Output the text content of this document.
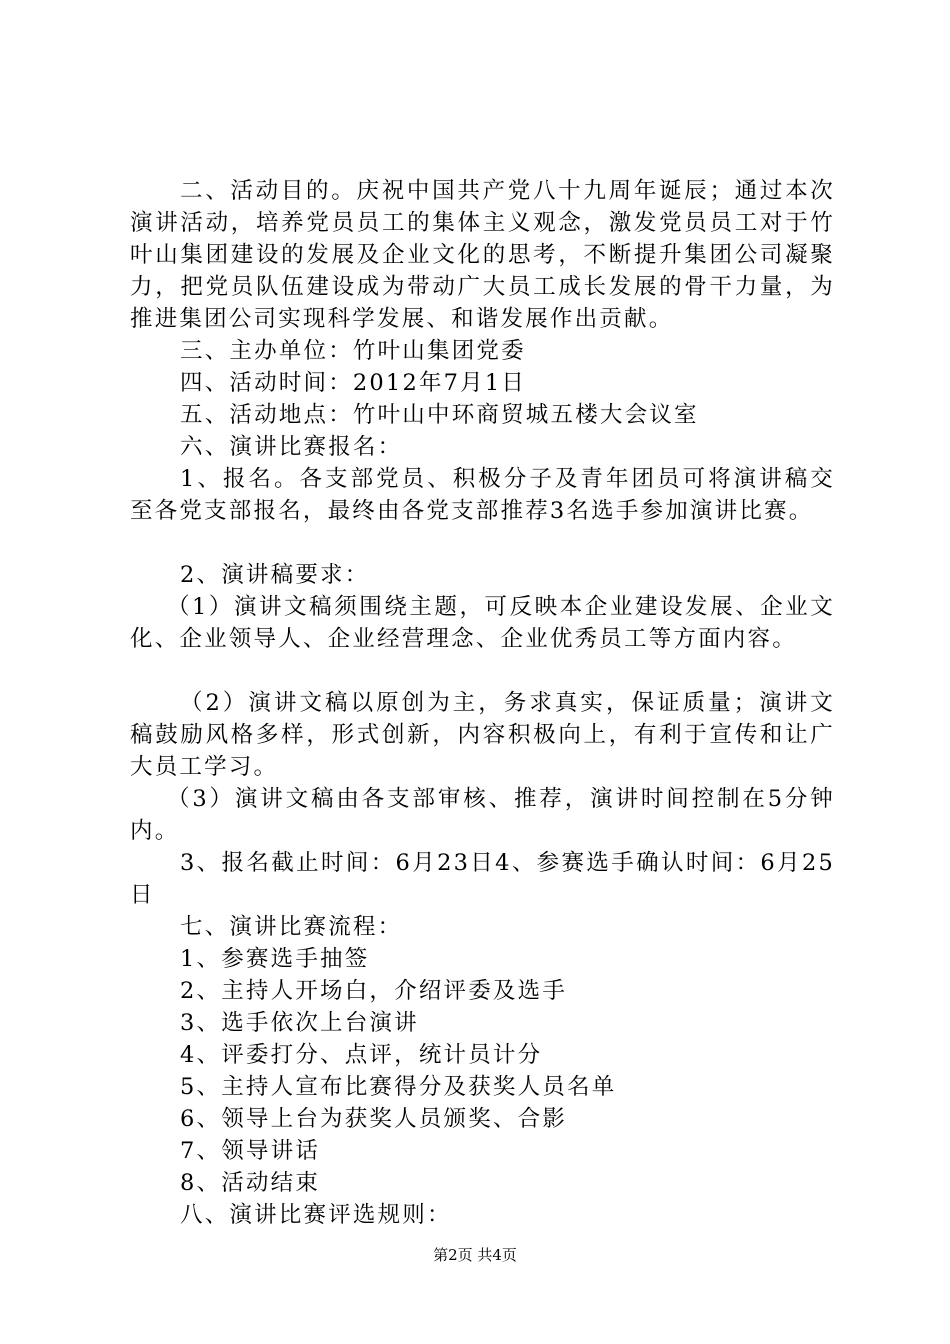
二、活动目的。庆祝中国共产党八十九周年诞辰；通过本次演讲活动，培养党员员工的集体主义观念，激发党员员工对于竹叶山集团建设的发展及企业文化的思考，不断提升集团公司凝聚力，把党员队伍建设成为带动广大员工成长发展的骨干力量，为推进集团公司实现科学发展、和谐发展作出贡献。

三、主办单位：竹叶山集团党委

四、活动时间：2012年7月1日

五、活动地点：竹叶山中环商贸城五楼大会议室

六、演讲比赛报名：

1、报名。各支部党员、积极分子及青年团员可将演讲稿交至各党支部报名，最终由各党支部推荐3名选手参加演讲比赛。

2、演讲稿要求：

（1）演讲文稿须围绕主题，可反映本企业建设发展、企业文化、企业领导人、企业经营理念、企业优秀员工等方面内容。

（2）演讲文稿以原创为主，务求真实，保证质量；演讲文稿鼓励风格多样，形式创新，内容积极向上，有利于宣传和让广大员工学习。

（3）演讲文稿由各支部审核、推荐，演讲时间控制在5分钟内。

3、报名截止时间：6月23日4、参赛选手确认时间：6月25日

七、演讲比赛流程：

1、参赛选手抽签

2、主持人开场白，介绍评委及选手

3、选手依次上台演讲

4、评委打分、点评，统计员计分

5、主持人宣布比赛得分及获奖人员名单

6、领导上台为获奖人员颁奖、合影

7、领导讲话

8、活动结束

八、演讲比赛评选规则：

第2页 共4页
